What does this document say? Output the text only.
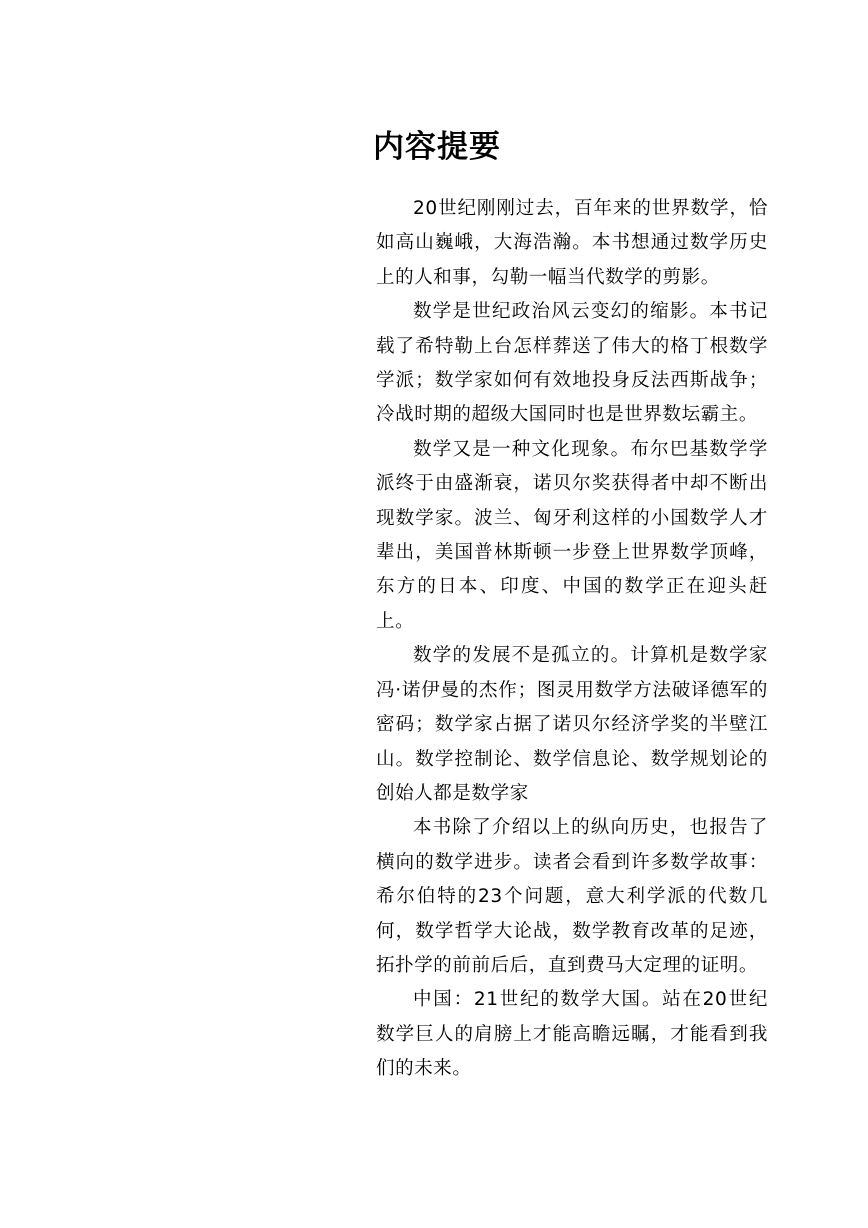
内容提要

20世纪刚刚过去，百年来的世界数学，恰如高山巍峨，大海浩瀚。本书想通过数学历史上的人和事，勾勒一幅当代数学的剪影。

数学是世纪政治风云变幻的缩影。本书记载了希特勒上台怎样葬送了伟大的格丁根数学学派；数学家如何有效地投身反法西斯战争；冷战时期的超级大国同时也是世界数坛霸主。

数学又是一种文化现象。布尔巴基数学学派终于由盛渐衰，诺贝尔奖获得者中却不断出现数学家。波兰、匈牙利这样的小国数学人才辈出，美国普林斯顿一步登上世界数学顶峰，东方的日本、印度、中国的数学正在迎头赶上。

数学的发展不是孤立的。计算机是数学家冯·诺伊曼的杰作；图灵用数学方法破译德军的密码；数学家占据了诺贝尔经济学奖的半壁江山。数学控制论、数学信息论、数学规划论的创始人都是数学家

本书除了介绍以上的纵向历史，也报告了横向的数学进步。读者会看到许多数学故事：希尔伯特的23个问题，意大利学派的代数几何，数学哲学大论战，数学教育改革的足迹，拓扑学的前前后后，直到费马大定理的证明。

中国：21世纪的数学大国。站在20世纪数学巨人的肩膀上才能高瞻远瞩，才能看到我们的未来。
